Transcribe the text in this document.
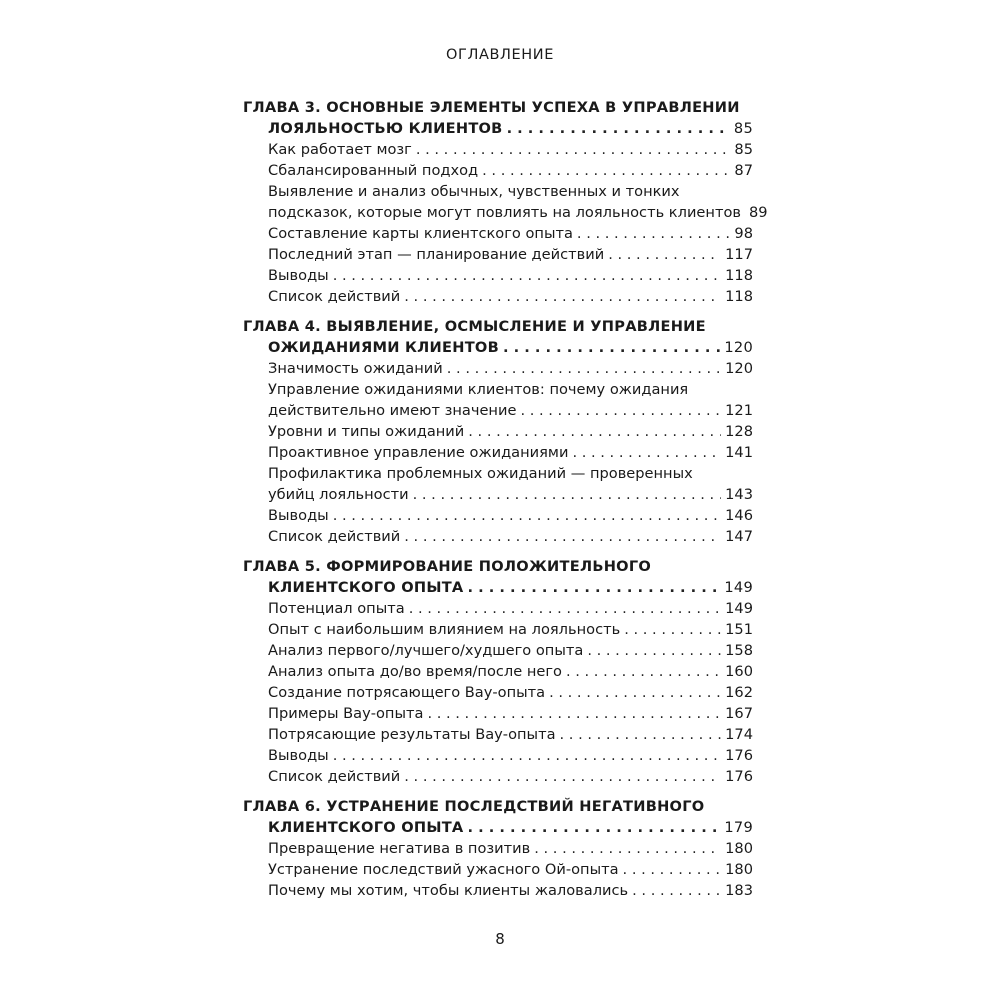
ОГЛАВЛЕНИЕ
ГЛАВА 3. ОСНОВНЫЕ ЭЛЕМЕНТЫ УСПЕХА В УПРАВЛЕНИИ
ЛОЯЛЬНОСТЬЮ КЛИЕНТОВ . . .	85
Как работает мозг . . .	85
Сбалансированный подход . . .	87
Выявление и анализ обычных, чувственных и тонких
подсказок, которые могут повлиять на лояльность клиентов 89
Составление карты клиентского опыта . . .	98
Последний этап — планирование действий . . .	117
Выводы . . .	118
Список действий . . .	118
ГЛАВА 4. ВЫЯВЛЕНИЕ, ОСМЫСЛЕНИЕ И УПРАВЛЕНИЕ
ОЖИДАНИЯМИ КЛИЕНТОВ . . .	120
Значимость ожиданий . . .	120
Управление ожиданиями клиентов: почему ожидания
действительно имеют значение . . .	121
Уровни и типы ожиданий . . .	128
Проактивное управление ожиданиями . . .	141
Профилактика проблемных ожиданий — проверенных
убийц лояльности . . .	143
Выводы . . .	146
Список действий . . .	147
ГЛАВА 5. ФОРМИРОВАНИЕ ПОЛОЖИТЕЛЬНОГО
КЛИЕНТСКОГО ОПЫТА . . .	149
Потенциал опыта . . .	149
Опыт с наибольшим влиянием на лояльность . . .	151
Анализ первого/лучшего/худшего опыта . . .	158
Анализ опыта до/во время/после него . . .	160
Создание потрясающего Вау-опыта . . .	162
Примеры Вау-опыта . . .	167
Потрясающие результаты Вау-опыта . . .	174
Выводы . . .	176
Список действий . . .	176
ГЛАВА 6. УСТРАНЕНИЕ ПОСЛЕДСТВИЙ НЕГАТИВНОГО
КЛИЕНТСКОГО ОПЫТА . . .	179
Превращение негатива в позитив . . .	180
Устранение последствий ужасного Ой-опыта . . .	180
Почему мы хотим, чтобы клиенты жаловались . . .	183
8
